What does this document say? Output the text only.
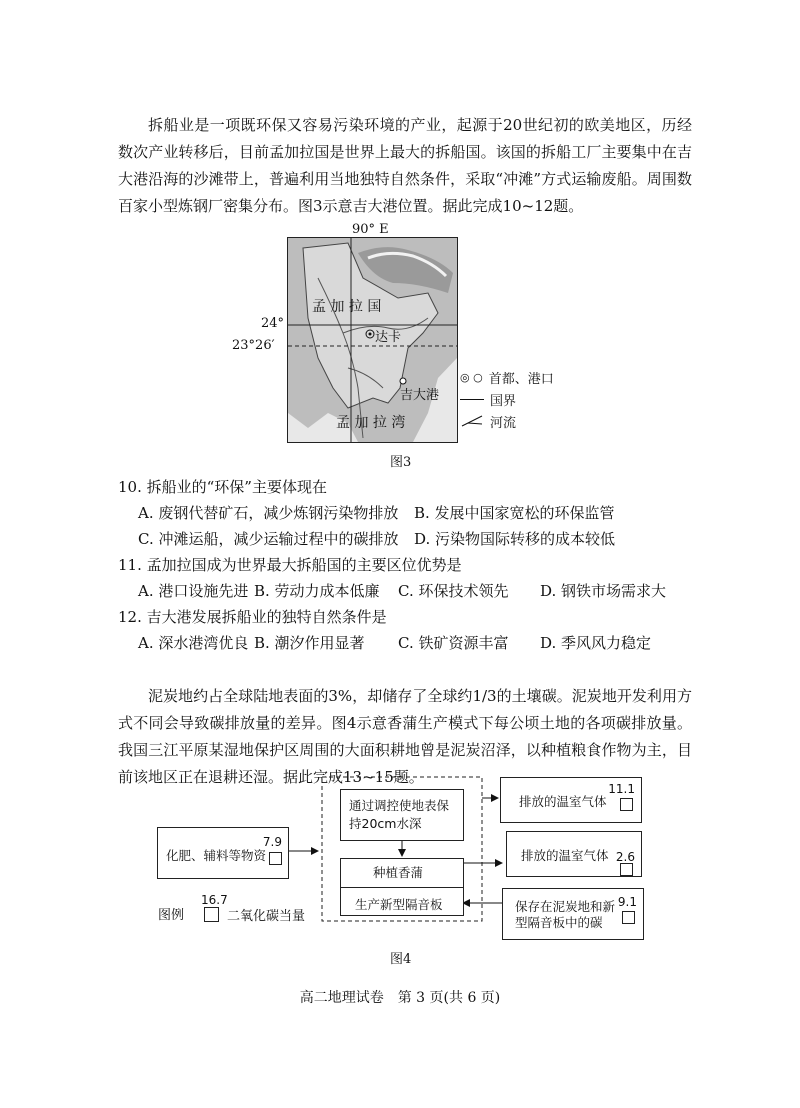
拆船业是一项既环保又容易污染环境的产业，起源于20世纪初的欧美地区，历经数次产业转移后，目前孟加拉国是世界上最大的拆船国。该国的拆船工厂主要集中在吉大港沿海的沙滩带上，普遍利用当地独特自然条件，采取“冲滩”方式运输废船。周围数百家小型炼钢厂密集分布。图3示意吉大港位置。据此完成10~12题。

90° E
孟 加 拉 国
达卡
吉大港
孟 加 拉 湾
24°
23°26′
◎ ○ 首都、港口
国界
河流
图3
10. 拆船业的“环保”主要体现在
A. 废钢代替矿石，减少炼钢污染物排放 B. 发展中国家宽松的环保监管
C. 冲滩运船，减少运输过程中的碳排放 D. 污染物国际转移的成本较低
11. 孟加拉国成为世界最大拆船国的主要区位优势是
A. 港口设施先进 B. 劳动力成本低廉 C. 环保技术领先 D. 钢铁市场需求大
12. 吉大港发展拆船业的独特自然条件是
A. 深水港湾优良 B. 潮汐作用显著 C. 铁矿资源丰富 D. 季风风力稳定

泥炭地约占全球陆地表面的3%，却储存了全球约1/3的土壤碳。泥炭地开发利用方式不同会导致碳排放量的差异。图4示意香蒲生产模式下每公顷土地的各项碳排放量。我国三江平原某湿地保护区周围的大面积耕地曾是泥炭沼泽，以种植粮食作物为主，目前该地区正在退耕还湿。据此完成13~15题。

化肥、辅料等物资
7.9
通过调控使地表保持20cm水深
种植香蒲
生产新型隔音板
排放的温室气体
11.1
排放的温室气体 2.6
保存在泥炭地和新型隔音板中的碳
9.1
图例
16.7
二氧化碳当量
图4
高二地理试卷　第 3 页(共 6 页)
